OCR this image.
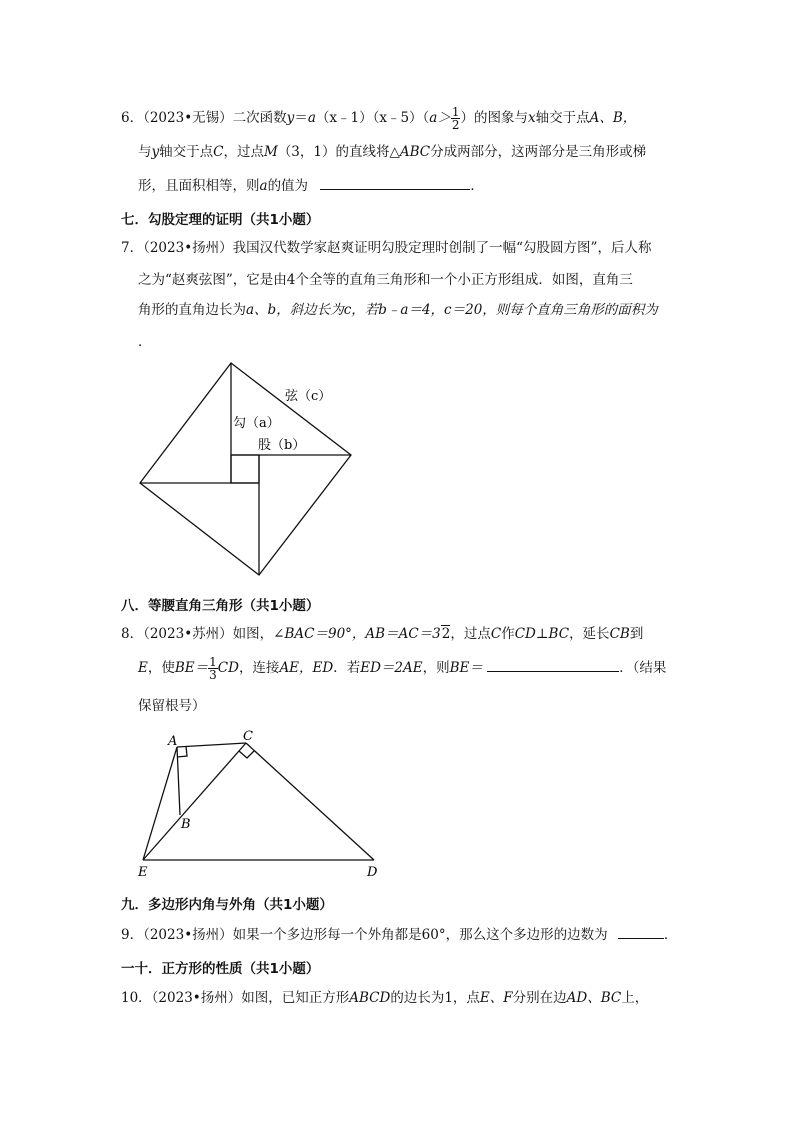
6．（2023•无锡）二次函数y＝a（x﹣1）（x﹣5）（a＞ $\frac{1}{2}$ ）的图象与x轴交于点A、B，
与y轴交于点C，过点M（3，1）的直线将△ABC分成两部分，这两部分是三角形或梯
形，且面积相等，则a的值为	．
七．勾股定理的证明（共1小题）
7．（2023•扬州）我国汉代数学家赵爽证明勾股定理时创制了一幅“勾股圆方图”，后人称
之为“赵爽弦图”，它是由4个全等的直角三角形和一个小正方形组成．如图，直角三
角形的直角边长为a、b，斜边长为c，若b﹣a＝4，c＝20，则每个直角三角形的面积为
．
弦（c）
勾（a）
股（b）
八．等腰直角三角形（共1小题）
8．（2023•苏州）如图，∠BAC＝90°，AB＝AC＝32，过点C作CD⊥BC，延长CB到
E，使$BE= \frac{1}{3}$ CD，连接AE，ED．若ED＝2AE，则BE＝	．（结果
保留根号）
A	C
B
E	D
九．多边形内角与外角（共1小题）
9．（2023•扬州）如果一个多边形每一个外角都是60°，那么这个多边形的边数为	．
一十．正方形的性质（共1小题）
10．（2023•扬州）如图，已知正方形ABCD的边长为1，点E、F分别在边AD、BC上，
